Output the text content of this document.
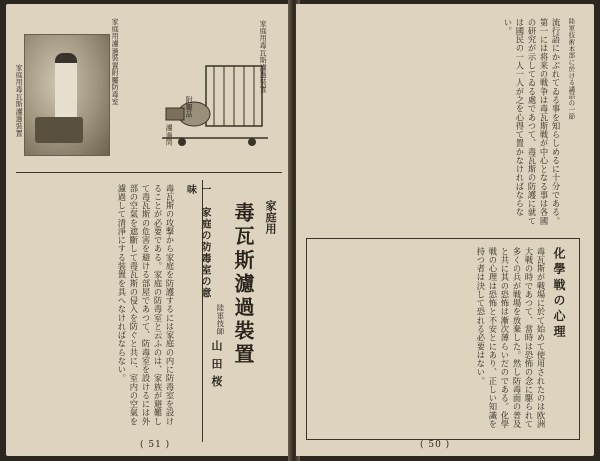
家庭用濾過裝置附屬防毒室
家庭用毒瓦斯濾過裝置
家庭用毒瓦斯濾過裝置
附屬品
濾過筒
家庭用
毒瓦斯濾過裝置
陸軍技師
山田桜
一　家庭の防毒室の意味
毒瓦斯の攻撃から家庭を防護するには家庭の内に防毒室を設けることが必要である。家庭の防毒室と云ふのは、家族が避難して毒瓦斯の危害を避ける部屋であつて、防毒室を設けるには外部の空氣を遮斷して毒瓦斯の侵入を防ぐと共に、室内の空氣を濾過して清淨にする装置を具へなければならない。
( 51 )
流行語にかぶれてゐる事を知らしめるに十分である。第一には将来の戦争は毒瓦斯戦が中心となる事は各國の研究が示してゐる處であつて、毒瓦斯の防護に就ては國民の一人一人が之を心得て置かなければならない。	陸軍技術本部に於ける講話の一節
化學戦の心理
毒瓦斯が戦場に於て始めて使用されたのは欧洲大戦の時であつて、當時は恐怖の念に駆られて多くの兵が戦場を放棄した。然し防毒面の普及と共に其の恐怖は漸次薄らいだのである。化學戦の心理は恐怖と不安とにあり、正しい知識を持つ者は決して恐れる必要はない。
( 50 )
